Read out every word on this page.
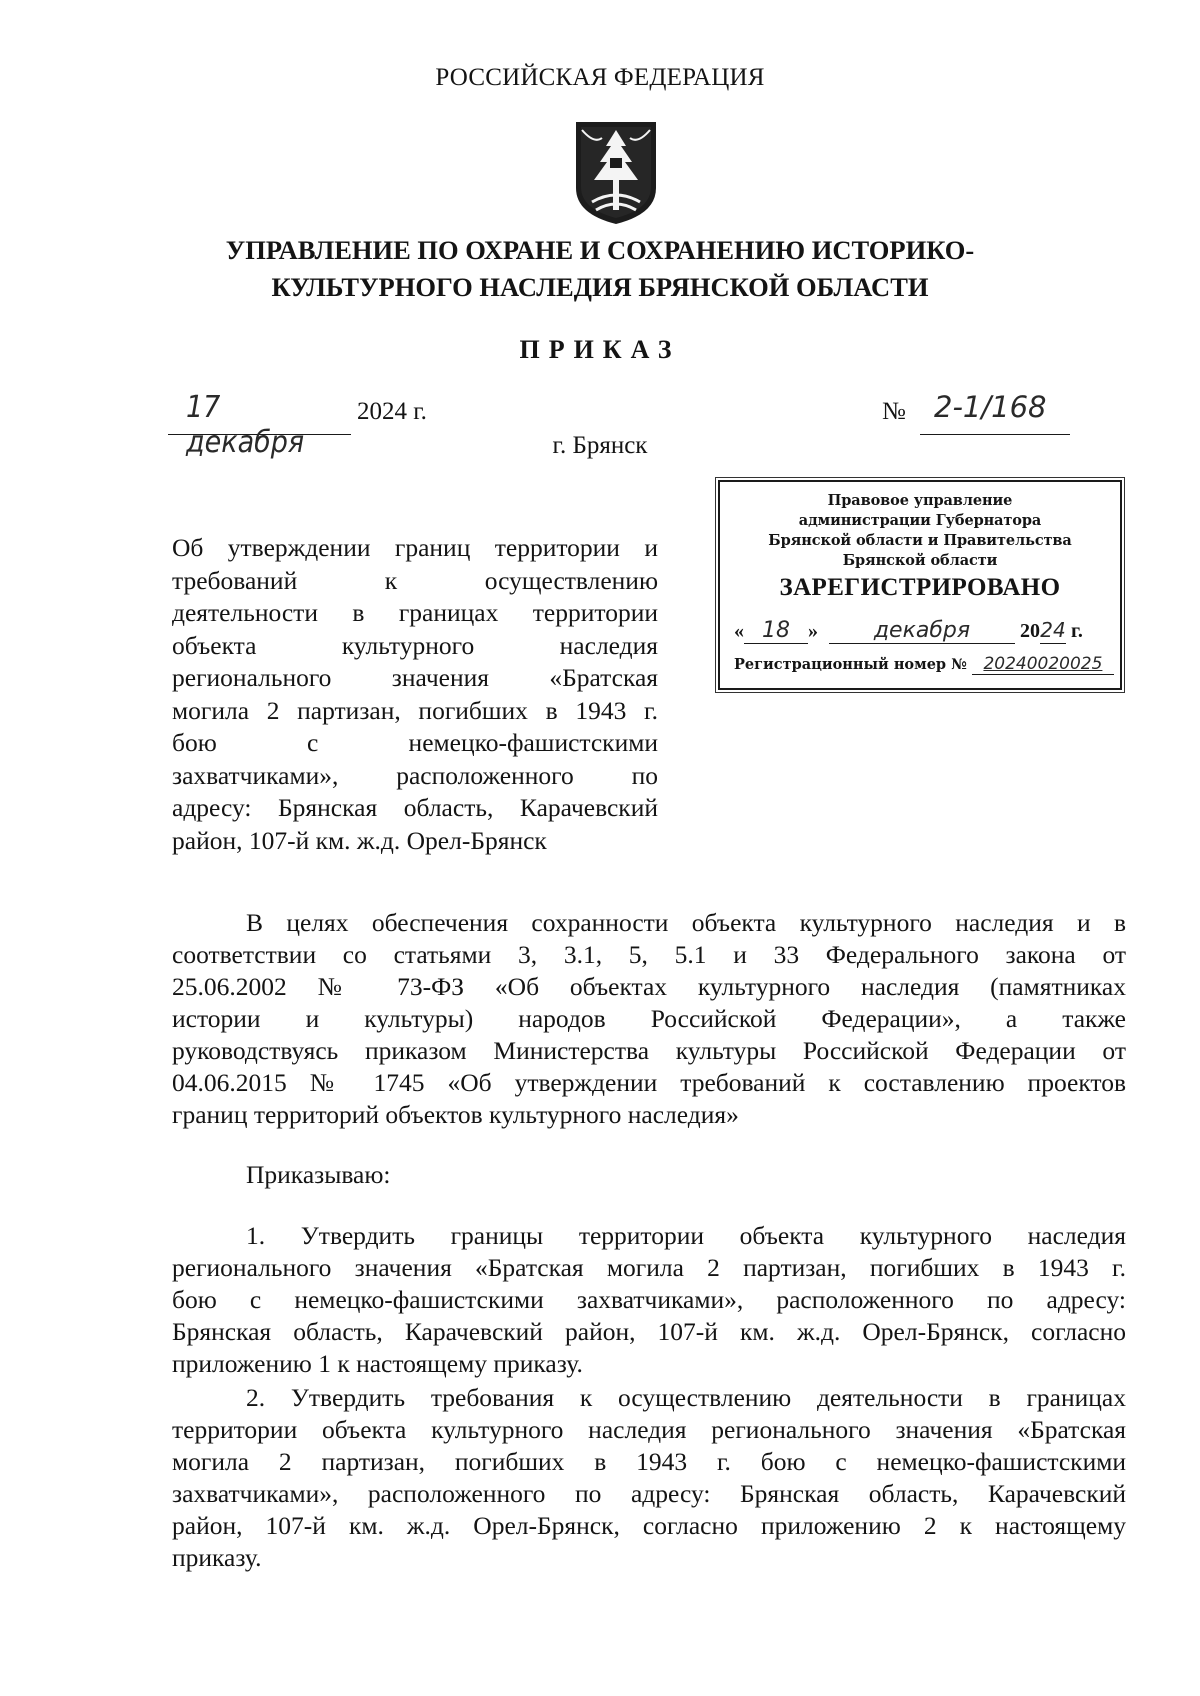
РОССИЙСКАЯ ФЕДЕРАЦИЯ
УПРАВЛЕНИЕ ПО ОХРАНЕ И СОХРАНЕНИЮ ИСТОРИКО-
КУЛЬТУРНОГО НАСЛЕДИЯ БРЯНСКОЙ ОБЛАСТИ
ПРИКАЗ
17 декабря
2024 г.	№ 2-1/168
г. Брянск
Правовое управление
администрации Губернатора
Брянской области и Правительства
Брянской области
ЗАРЕГИСТРИРОВАНО
« 18 »	декабря 2024 г.
Регистрационный номер № 20240020025
Об утверждении границ территории и
требований к осуществлению
деятельности в границах территории
объекта культурного наследия
регионального значения «Братская
могила 2 партизан, погибших в 1943 г.
бою с немецко-фашистскими
захватчиками», расположенного по
адресу: Брянская область, Карачевский
район, 107-й км. ж.д. Орел-Брянск
В целях обеспечения сохранности объекта культурного наследия и в
соответствии со статьями 3, 3.1, 5, 5.1 и 33 Федерального закона от
25.06.2002 № 73-ФЗ «Об объектах культурного наследия (памятниках
истории и культуры) народов Российской Федерации», а также
руководствуясь приказом Министерства культуры Российской Федерации от
04.06.2015 № 1745 «Об утверждении требований к составлению проектов
границ территорий объектов культурного наследия»
Приказываю:
1. Утвердить границы территории объекта культурного наследия
регионального значения «Братская могила 2 партизан, погибших в 1943 г.
бою с немецко-фашистскими захватчиками», расположенного по адресу:
Брянская область, Карачевский район, 107-й км. ж.д. Орел-Брянск, согласно
приложению 1 к настоящему приказу.
2. Утвердить требования к осуществлению деятельности в границах
территории объекта культурного наследия регионального значения «Братская
могила 2 партизан, погибших в 1943 г. бою с немецко-фашистскими
захватчиками», расположенного по адресу: Брянская область, Карачевский
район, 107-й км. ж.д. Орел-Брянск, согласно приложению 2 к настоящему
приказу.
